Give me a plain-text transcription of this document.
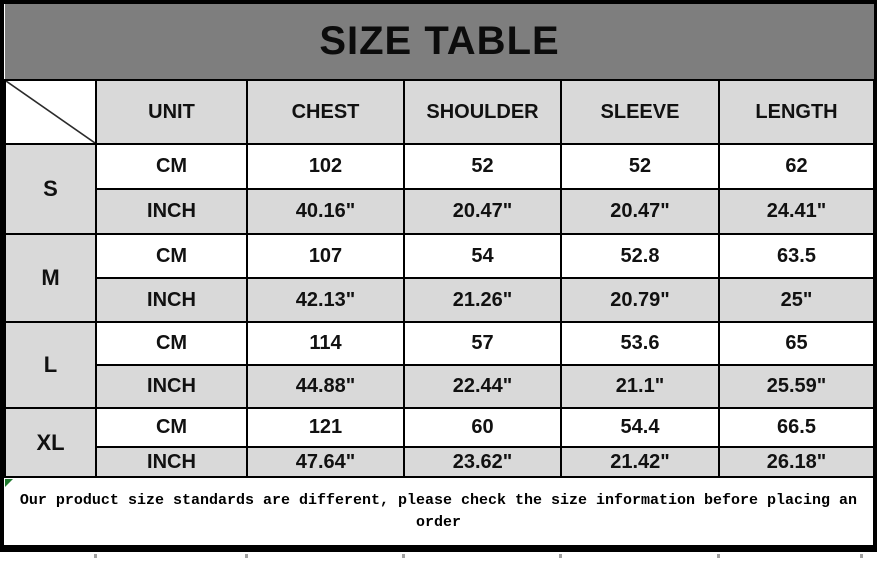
SIZE TABLE					

	UNIT	CHEST	SHOULDER	SLEEVE	LENGTH
S	CM	102	52	52	62
	INCH	40.16"	20.47"	20.47"	24.41"
M	CM	107	54	52.8	63.5
	INCH	42.13"	21.26"	20.79"	25"
L	CM	114	57	53.6	65
	INCH	44.88"	22.44"	21.1"	25.59"
XL	CM	121	60	54.4	66.5
	INCH	47.64"	23.62"	21.42"	26.18"
Our product size standards are different, please check the size information before placing an order
